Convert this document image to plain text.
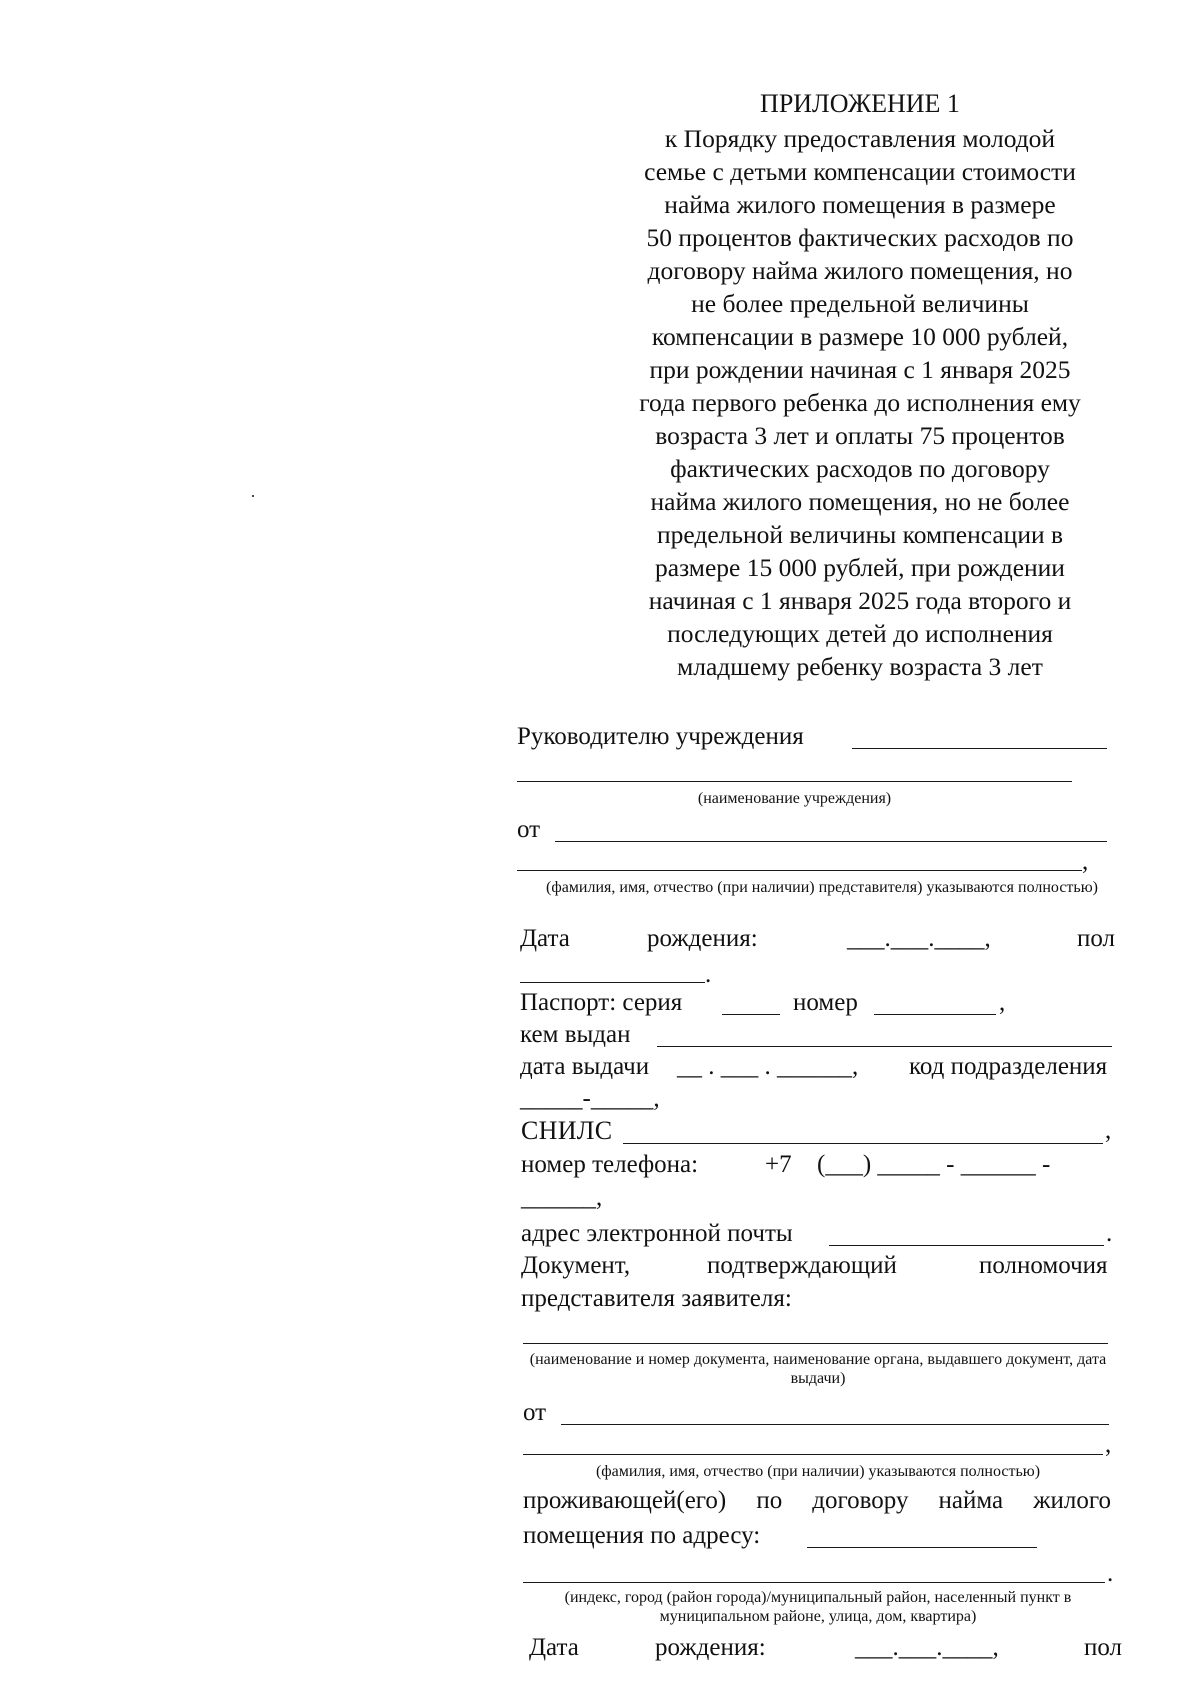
ПРИЛОЖЕНИЕ 1
к Порядку предоставления молодой
семье с детьми компенсации стоимости
найма жилого помещения в размере
50 процентов фактических расходов по
договору найма жилого помещения, но
не более предельной величины
компенсации в размере 10 000 рублей,
при рождении начиная с 1 января 2025
года первого ребенка до исполнения ему
возраста 3 лет и оплаты 75 процентов
фактических расходов по договору
найма жилого помещения, но не более
предельной величины компенсации в
размере 15 000 рублей, при рождении
начиная с 1 января 2025 года второго и
последующих детей до исполнения
младшему ребенку возраста 3 лет
Руководителю учреждения
(наименование учреждения)
от
,
(фамилия, имя, отчество (при наличии) представителя) указываются полностью)
Дата	рождения:	___.___.____,	пол
.
Паспорт: серия	номер	,
кем выдан
дата выдачи __ . ___ . ______, код подразделения
_____-_____,
СНИЛС	,
номер телефона:	+7 (___) _____ - ______ -
______,
адрес электронной почты	.
Документ,	подтверждающий	полномочия
представителя заявителя:
(наименование и номер документа, наименование органа, выдавшего документ, дата выдачи)
от
,
(фамилия, имя, отчество (при наличии) указываются полностью)
проживающей(его) по договору найма жилого
помещения по адресу:
.
(индекс, город (район города)/муниципальный район, населенный пункт в муниципальном районе, улица, дом, квартира)
Дата	рождения:	___.___.____,	пол
